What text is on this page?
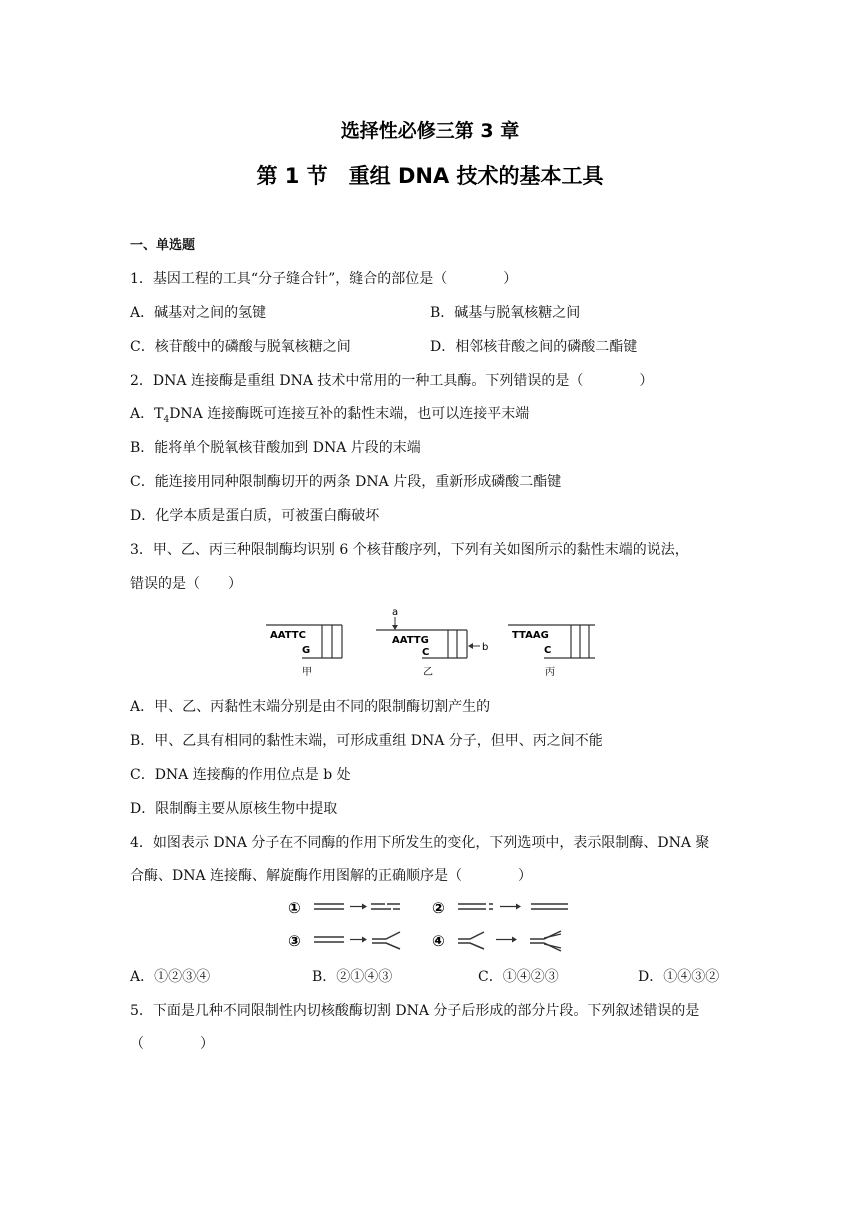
选择性必修三第 3 章
第 1 节　重组 DNA 技术的基本工具
一、单选题
1．基因工程的工具“分子缝合针”，缝合的部位是（　　　　）
A．碱基对之间的氢键	B．碱基与脱氧核糖之间
C．核苷酸中的磷酸与脱氧核糖之间	D．相邻核苷酸之间的磷酸二酯键
2．DNA 连接酶是重组 DNA 技术中常用的一种工具酶。下列错误的是（　　　　）
A．$T_4DNA$ 连接酶既可连接互补的黏性末端，也可以连接平末端
B．能将单个脱氧核苷酸加到 DNA 片段的末端
C．能连接用同种限制酶切开的两条 DNA 片段，重新形成磷酸二酯键
D．化学本质是蛋白质，可被蛋白酶破坏
3．甲、乙、丙三种限制酶均识别 6 个核苷酸序列，下列有关如图所示的黏性末端的说法，
错误的是（　　）
AATTC
G
甲
a
b
AATTG
C
乙
TTAAG
C
丙
A．甲、乙、丙黏性末端分别是由不同的限制酶切割产生的
B．甲、乙具有相同的黏性末端，可形成重组 DNA 分子，但甲、丙之间不能
C．DNA 连接酶的作用位点是 b 处
D．限制酶主要从原核生物中提取
4．如图表示 DNA 分子在不同酶的作用下所发生的变化，下列选项中，表示限制酶、DNA 聚
合酶、DNA 连接酶、解旋酶作用图解的正确顺序是（　　　　）
①	②
③	④
A．①②③④	B．②①④③	C．①④②③	D．①④③②
5．下面是几种不同限制性内切核酸酶切割 DNA 分子后形成的部分片段。下列叙述错误的是
（　　　　）
